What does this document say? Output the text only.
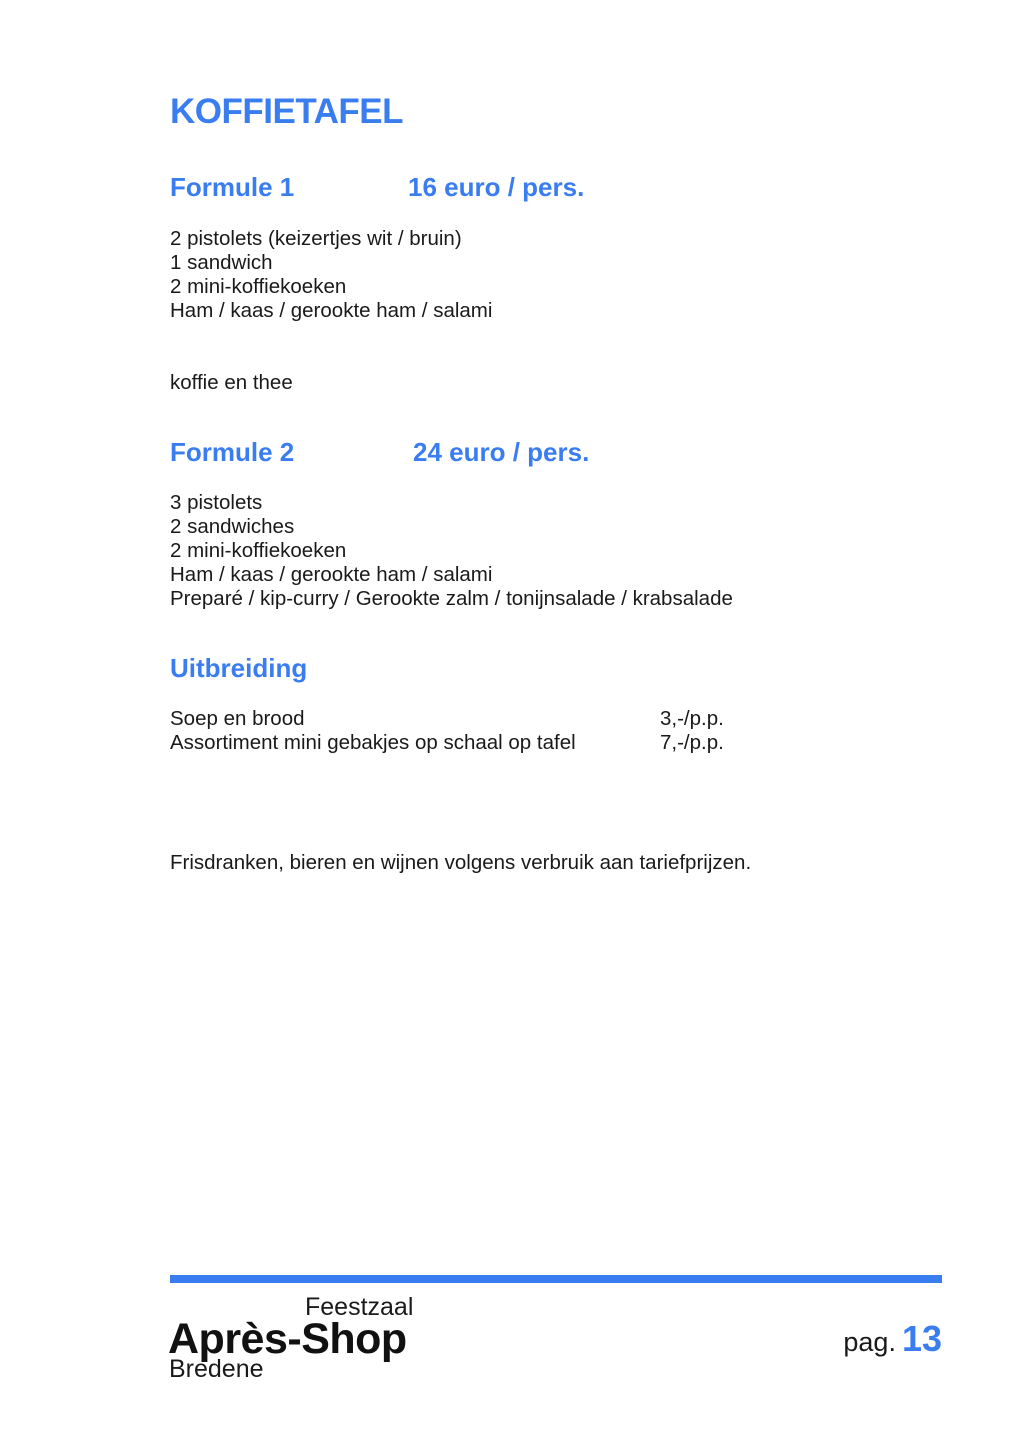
KOFFIETAFEL
Formule 1	16 euro / pers.
2 pistolets (keizertjes wit / bruin)
1 sandwich
2 mini-koffiekoeken
Ham / kaas / gerookte ham / salami

koffie en thee

Formule 2	24 euro / pers.
3 pistolets
2 sandwiches
2 mini-koffiekoeken
Ham / kaas / gerookte ham / salami
Preparé / kip-curry / Gerookte zalm / tonijnsalade / krabsalade
Uitbreiding
Soep en brood	3,-/p.p.
Assortiment mini gebakjes op schaal op tafel	7,-/p.p.

Frisdranken, bieren en wijnen volgens verbruik aan tariefprijzen.

Feestzaal
Après-Shop
Bredene
pag. 13
